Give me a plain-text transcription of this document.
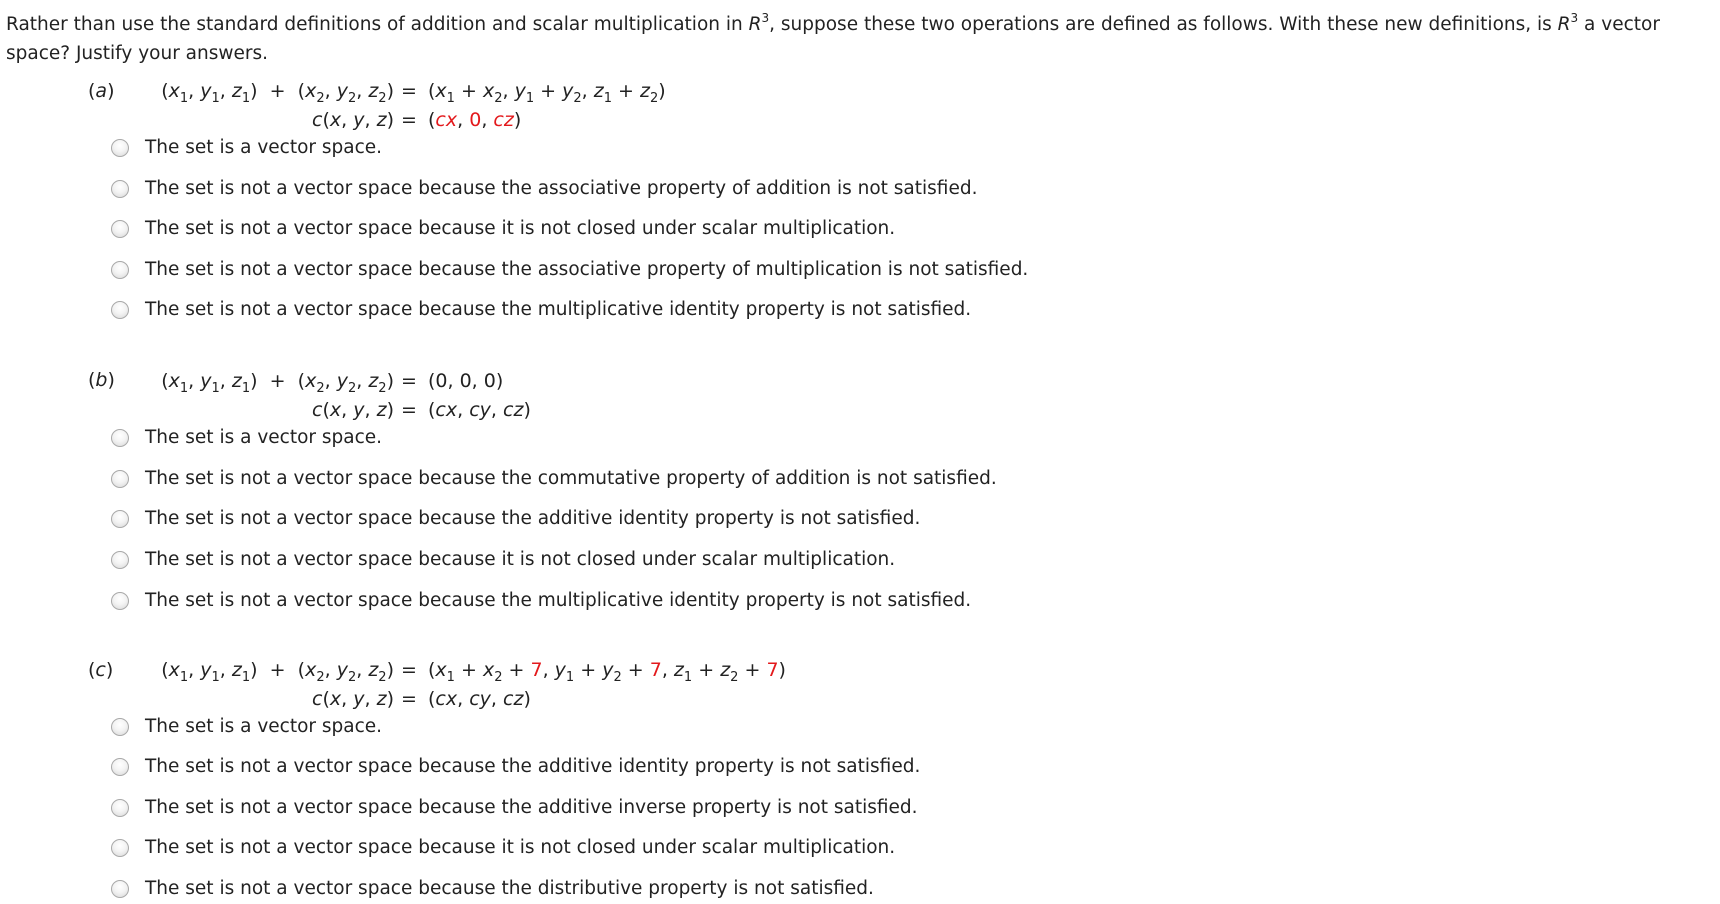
Rather than use the standard definitions of addition and scalar multiplication in $R^3$, suppose these two operations are defined as follows. With these new definitions, is $R^3$ a vector space? Justify your answers.
(a) ($x_1$, $y_1$, $z_1) + (x_2$, $y_2$, $z_2) = (x_1 + x_2$, $y_1 + y_2$, $z_1 + z_2$)
c(x, y, z) = (cx, 0, cz)
The set is a vector space.
The set is not a vector space because the associative property of addition is not satisfied.
The set is not a vector space because it is not closed under scalar multiplication.
The set is not a vector space because the associative property of multiplication is not satisfied.
The set is not a vector space because the multiplicative identity property is not satisfied.
(b) ($x_1$, $y_1$, $z_1) + (x_2$, $y_2$, $z_2) = (0$, 0, 0)
c(x, y, z) = (cx, cy, cz)
The set is a vector space.
The set is not a vector space because the commutative property of addition is not satisfied.
The set is not a vector space because the additive identity property is not satisfied.
The set is not a vector space because it is not closed under scalar multiplication.
The set is not a vector space because the multiplicative identity property is not satisfied.
(c)	($x_1$, $y_1$, $z_1) + (x_2$, $y_2$, $z_2) = (x_1 + x_2 + 7$, $y_1 + y_2 + 7$, $z_1 + z_2 + 7$)
c(x, y, z) = (cx, cy, cz)
The set is a vector space.
The set is not a vector space because the additive identity property is not satisfied.
The set is not a vector space because the additive inverse property is not satisfied.
The set is not a vector space because it is not closed under scalar multiplication.
The set is not a vector space because the distributive property is not satisfied.
